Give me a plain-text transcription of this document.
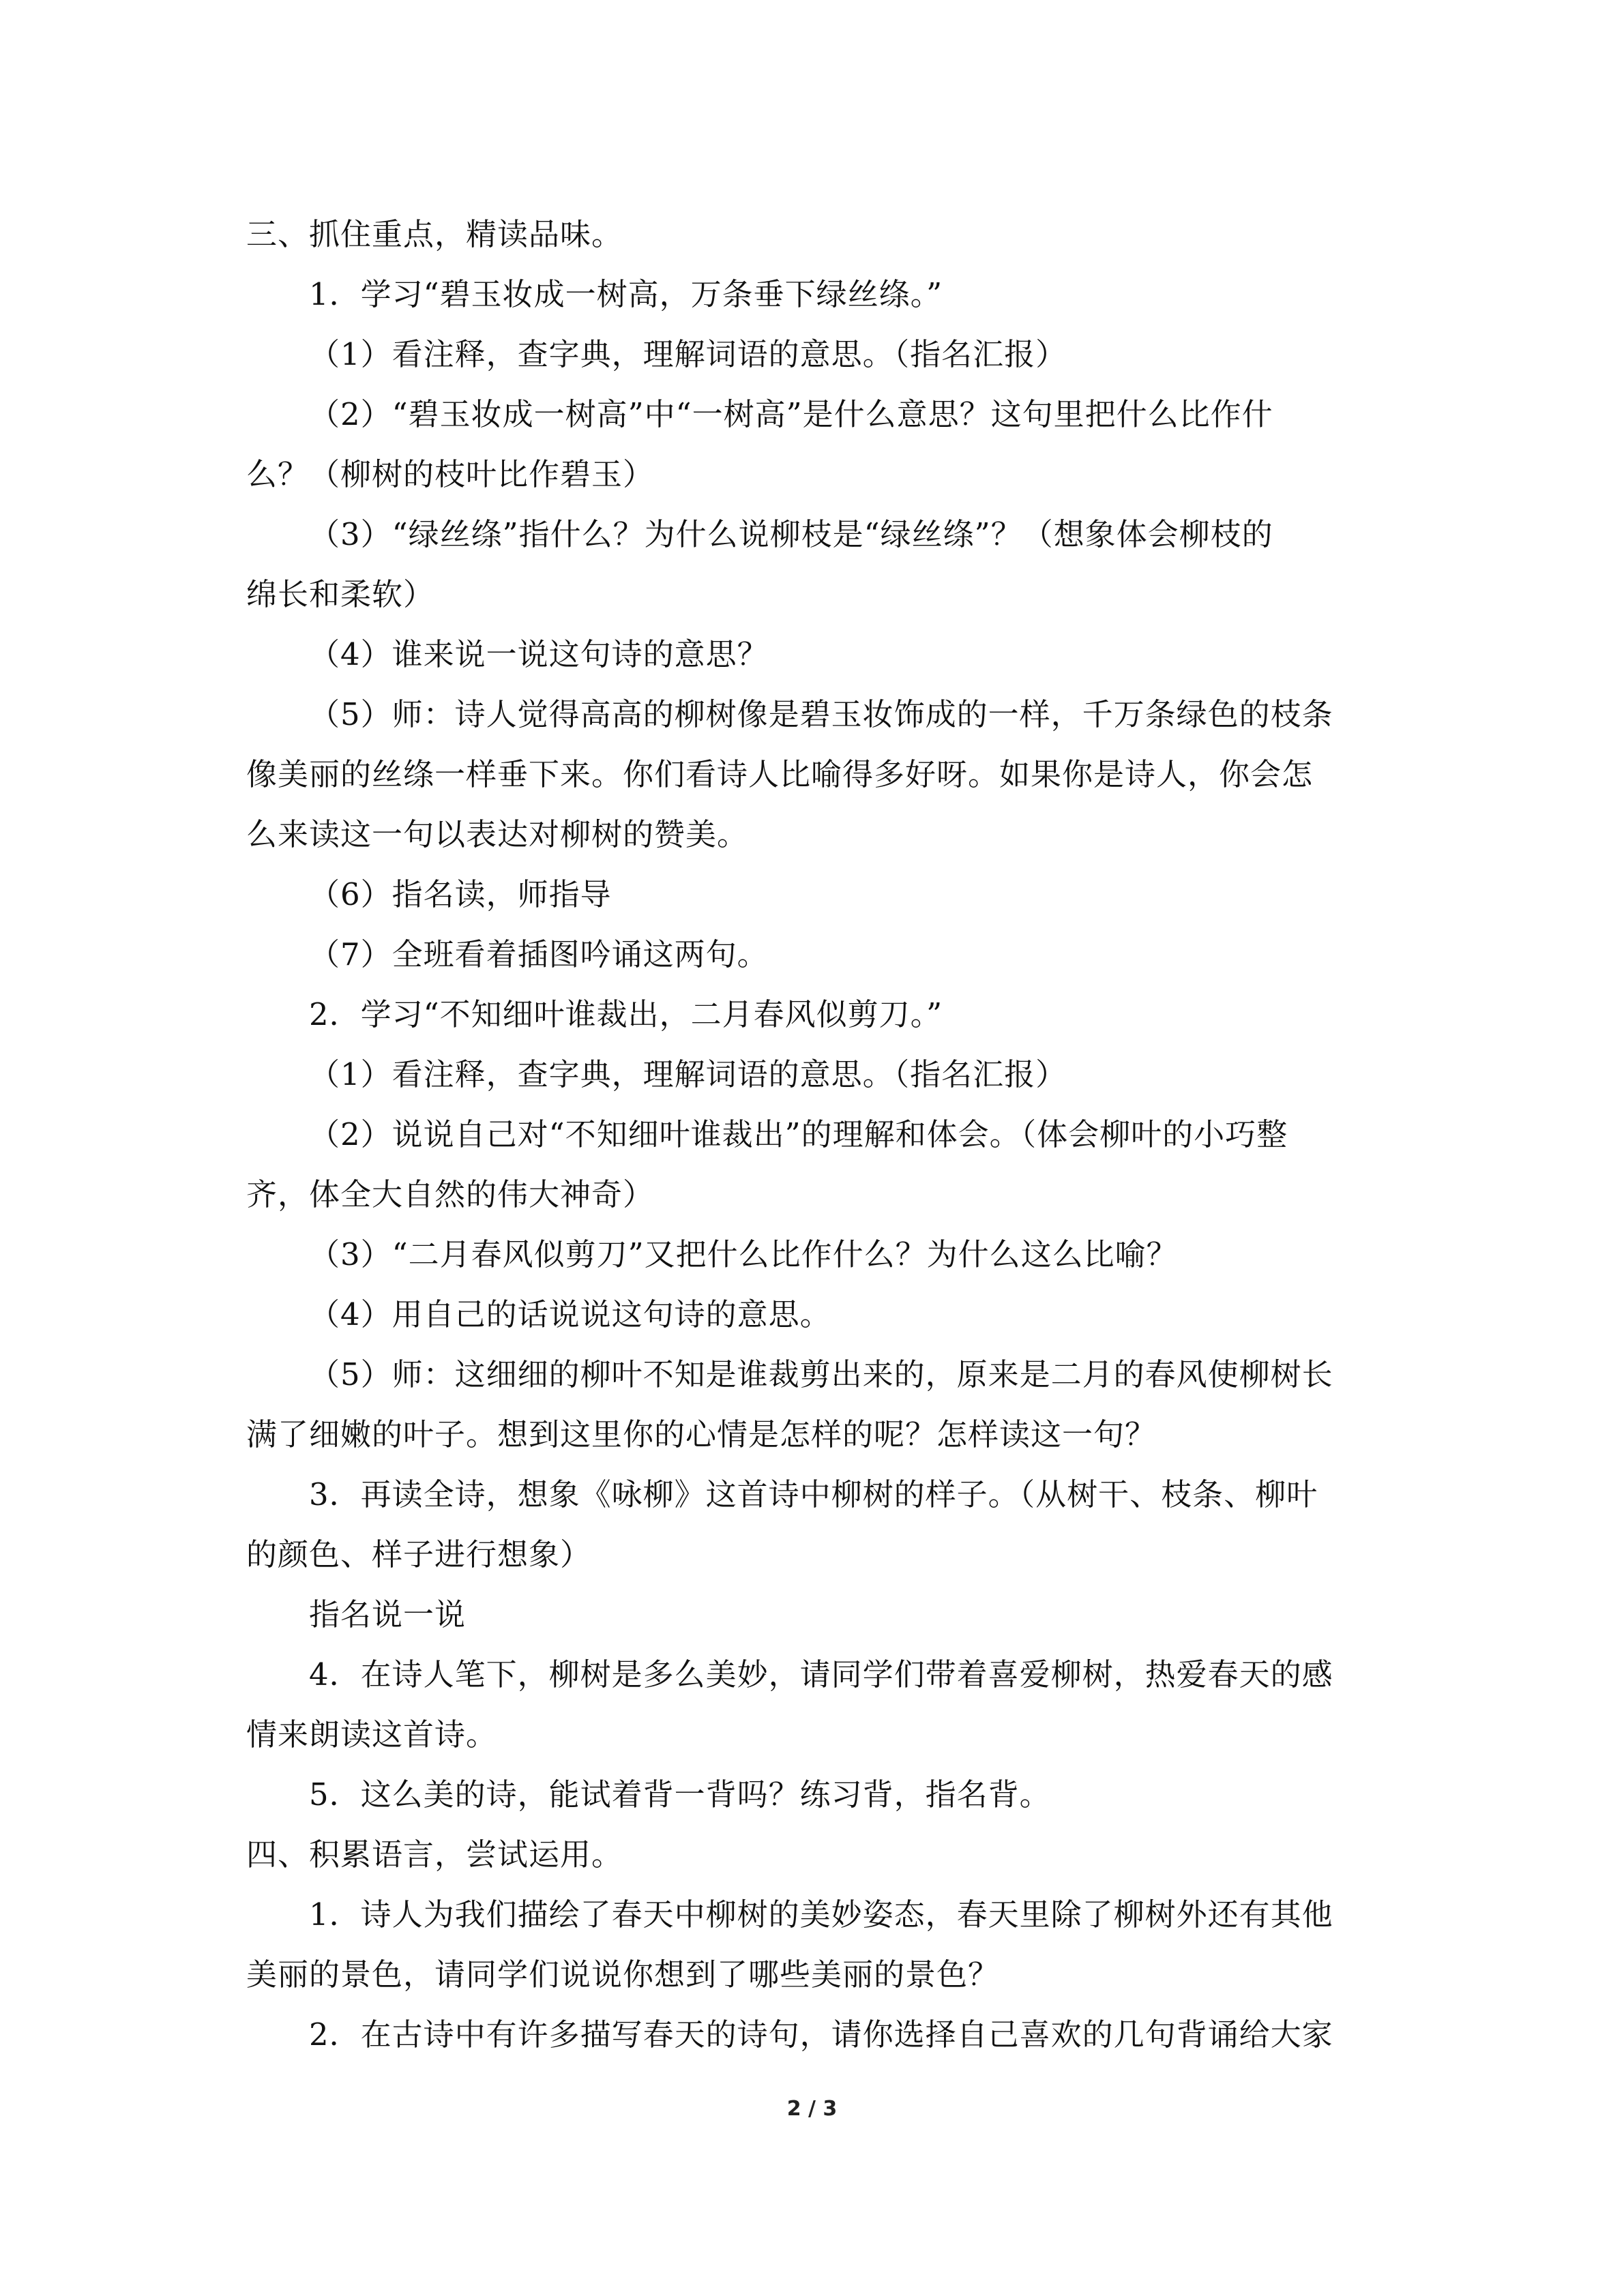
三、抓住重点，精读品味。
1．学习“碧玉妆成一树高，万条垂下绿丝绦。”
（1）看注释，查字典，理解词语的意思。（指名汇报）
（2）“碧玉妆成一树高”中“一树高”是什么意思？这句里把什么比作什
么？（柳树的枝叶比作碧玉）
（3）“绿丝绦”指什么？为什么说柳枝是“绿丝绦”？（想象体会柳枝的
绵长和柔软）
（4）谁来说一说这句诗的意思？
（5）师：诗人觉得高高的柳树像是碧玉妆饰成的一样，千万条绿色的枝条
像美丽的丝绦一样垂下来。你们看诗人比喻得多好呀。如果你是诗人，你会怎
么来读这一句以表达对柳树的赞美。
（6）指名读，师指导
（7）全班看着插图吟诵这两句。
2．学习“不知细叶谁裁出，二月春风似剪刀。”
（1）看注释，查字典，理解词语的意思。（指名汇报）
（2）说说自己对“不知细叶谁裁出”的理解和体会。（体会柳叶的小巧整
齐，体全大自然的伟大神奇）
（3）“二月春风似剪刀”又把什么比作什么？为什么这么比喻？
（4）用自己的话说说这句诗的意思。
（5）师：这细细的柳叶不知是谁裁剪出来的，原来是二月的春风使柳树长
满了细嫩的叶子。想到这里你的心情是怎样的呢？怎样读这一句？
3．再读全诗，想象《咏柳》这首诗中柳树的样子。（从树干、枝条、柳叶
的颜色、样子进行想象）
指名说一说
4．在诗人笔下，柳树是多么美妙，请同学们带着喜爱柳树，热爱春天的感
情来朗读这首诗。
5．这么美的诗，能试着背一背吗？练习背，指名背。
四、积累语言，尝试运用。
1．诗人为我们描绘了春天中柳树的美妙姿态，春天里除了柳树外还有其他
美丽的景色，请同学们说说你想到了哪些美丽的景色？
2．在古诗中有许多描写春天的诗句，请你选择自己喜欢的几句背诵给大家
2 / 3
